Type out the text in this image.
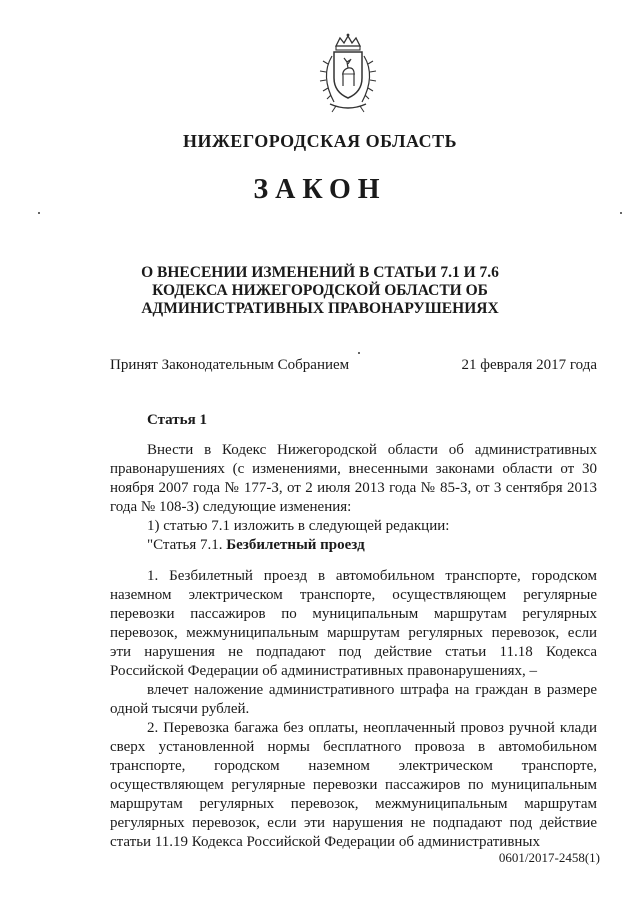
НИЖЕГОРОДСКАЯ ОБЛАСТЬ
ЗАКОН
О ВНЕСЕНИИ ИЗМЕНЕНИЙ В СТАТЬИ 7.1 И 7.6 КОДЕКСА НИЖЕГОРОДСКОЙ ОБЛАСТИ ОБ АДМИНИСТРАТИВНЫХ ПРАВОНАРУШЕНИЯХ
Принят Законодательным Собранием	21 февраля 2017 года
Статья 1

Внести в Кодекс Нижегородской области об административных правонарушениях (с изменениями, внесенными законами области от 30 ноября 2007 года № 177-З, от 2 июля 2013 года № 85-З, от 3 сентября 2013 года № 108-З) следующие изменения:

1) статью 7.1 изложить в следующей редакции:

"Статья 7.1. Безбилетный проезд

1. Безбилетный проезд в автомобильном транспорте, городском наземном электрическом транспорте, осуществляющем регулярные перевозки пассажиров по муниципальным маршрутам регулярных перевозок, межмуниципальным маршрутам регулярных перевозок, если эти нарушения не подпадают под действие статьи 11.18 Кодекса Российской Федерации об административных правонарушениях, –

влечет наложение административного штрафа на граждан в размере одной тысячи рублей.

2. Перевозка багажа без оплаты, неоплаченный провоз ручной клади сверх установленной нормы бесплатного провоза в автомобильном транспорте, городском наземном электрическом транспорте, осуществляющем регулярные перевозки пассажиров по муниципальным маршрутам регулярных перевозок, межмуниципальным маршрутам регулярных перевозок, если эти нарушения не подпадают под действие статьи 11.19 Кодекса Российской Федерации об административных

0601/2017-2458(1)
